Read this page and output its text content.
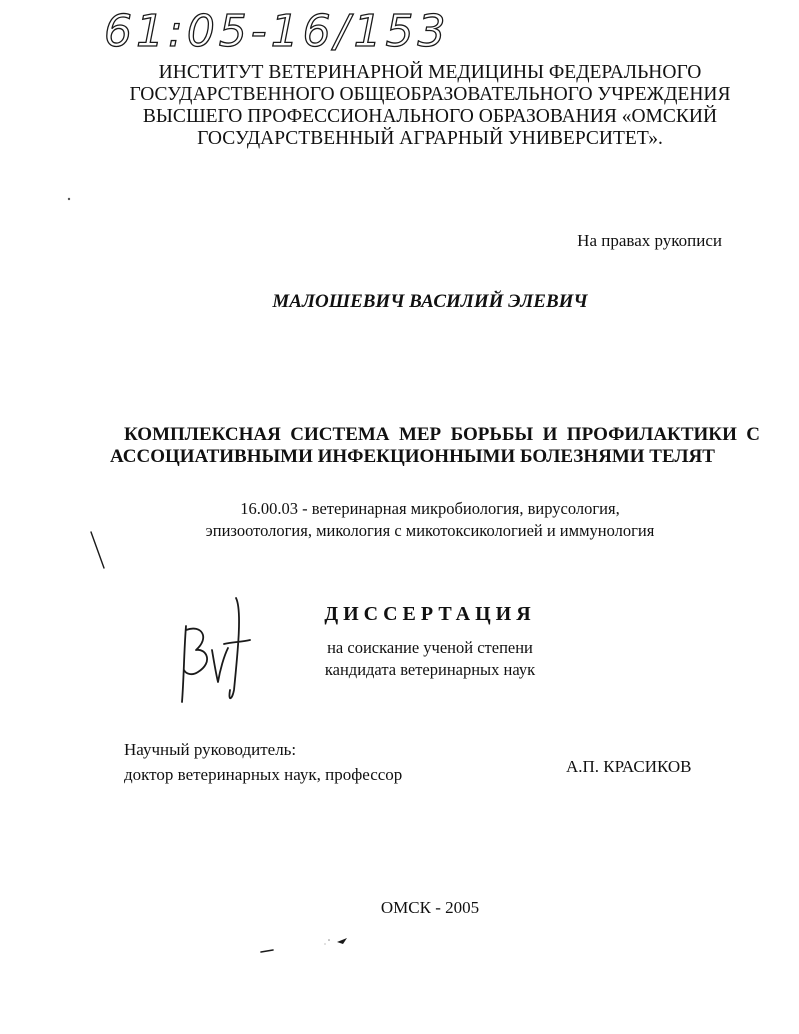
61:05-16/153
ИНСТИТУТ ВЕТЕРИНАРНОЙ МЕДИЦИНЫ ФЕДЕРАЛЬНОГО
ГОСУДАРСТВЕННОГО ОБЩЕОБРАЗОВАТЕЛЬНОГО УЧРЕЖДЕНИЯ
ВЫСШЕГО ПРОФЕССИОНАЛЬНОГО ОБРАЗОВАНИЯ «ОМСКИЙ
ГОСУДАРСТВЕННЫЙ АГРАРНЫЙ УНИВЕРСИТЕТ».
На правах рукописи
МАЛОШЕВИЧ ВАСИЛИЙ ЭЛЕВИЧ
КОМПЛЕКСНАЯ СИСТЕМА МЕР БОРЬБЫ И ПРОФИЛАКТИКИ С
АССОЦИАТИВНЫМИ ИНФЕКЦИОННЫМИ БОЛЕЗНЯМИ ТЕЛЯТ
16.00.03 - ветеринарная микробиология, вирусология,
эпизоотология, микология с микотоксикологией и иммунология
ДИССЕРТАЦИЯ
на соискание ученой степени
кандидата ветеринарных наук
Научный руководитель:
доктор ветеринарных наук, профессор	А.П. КРАСИКОВ
ОМСК - 2005
